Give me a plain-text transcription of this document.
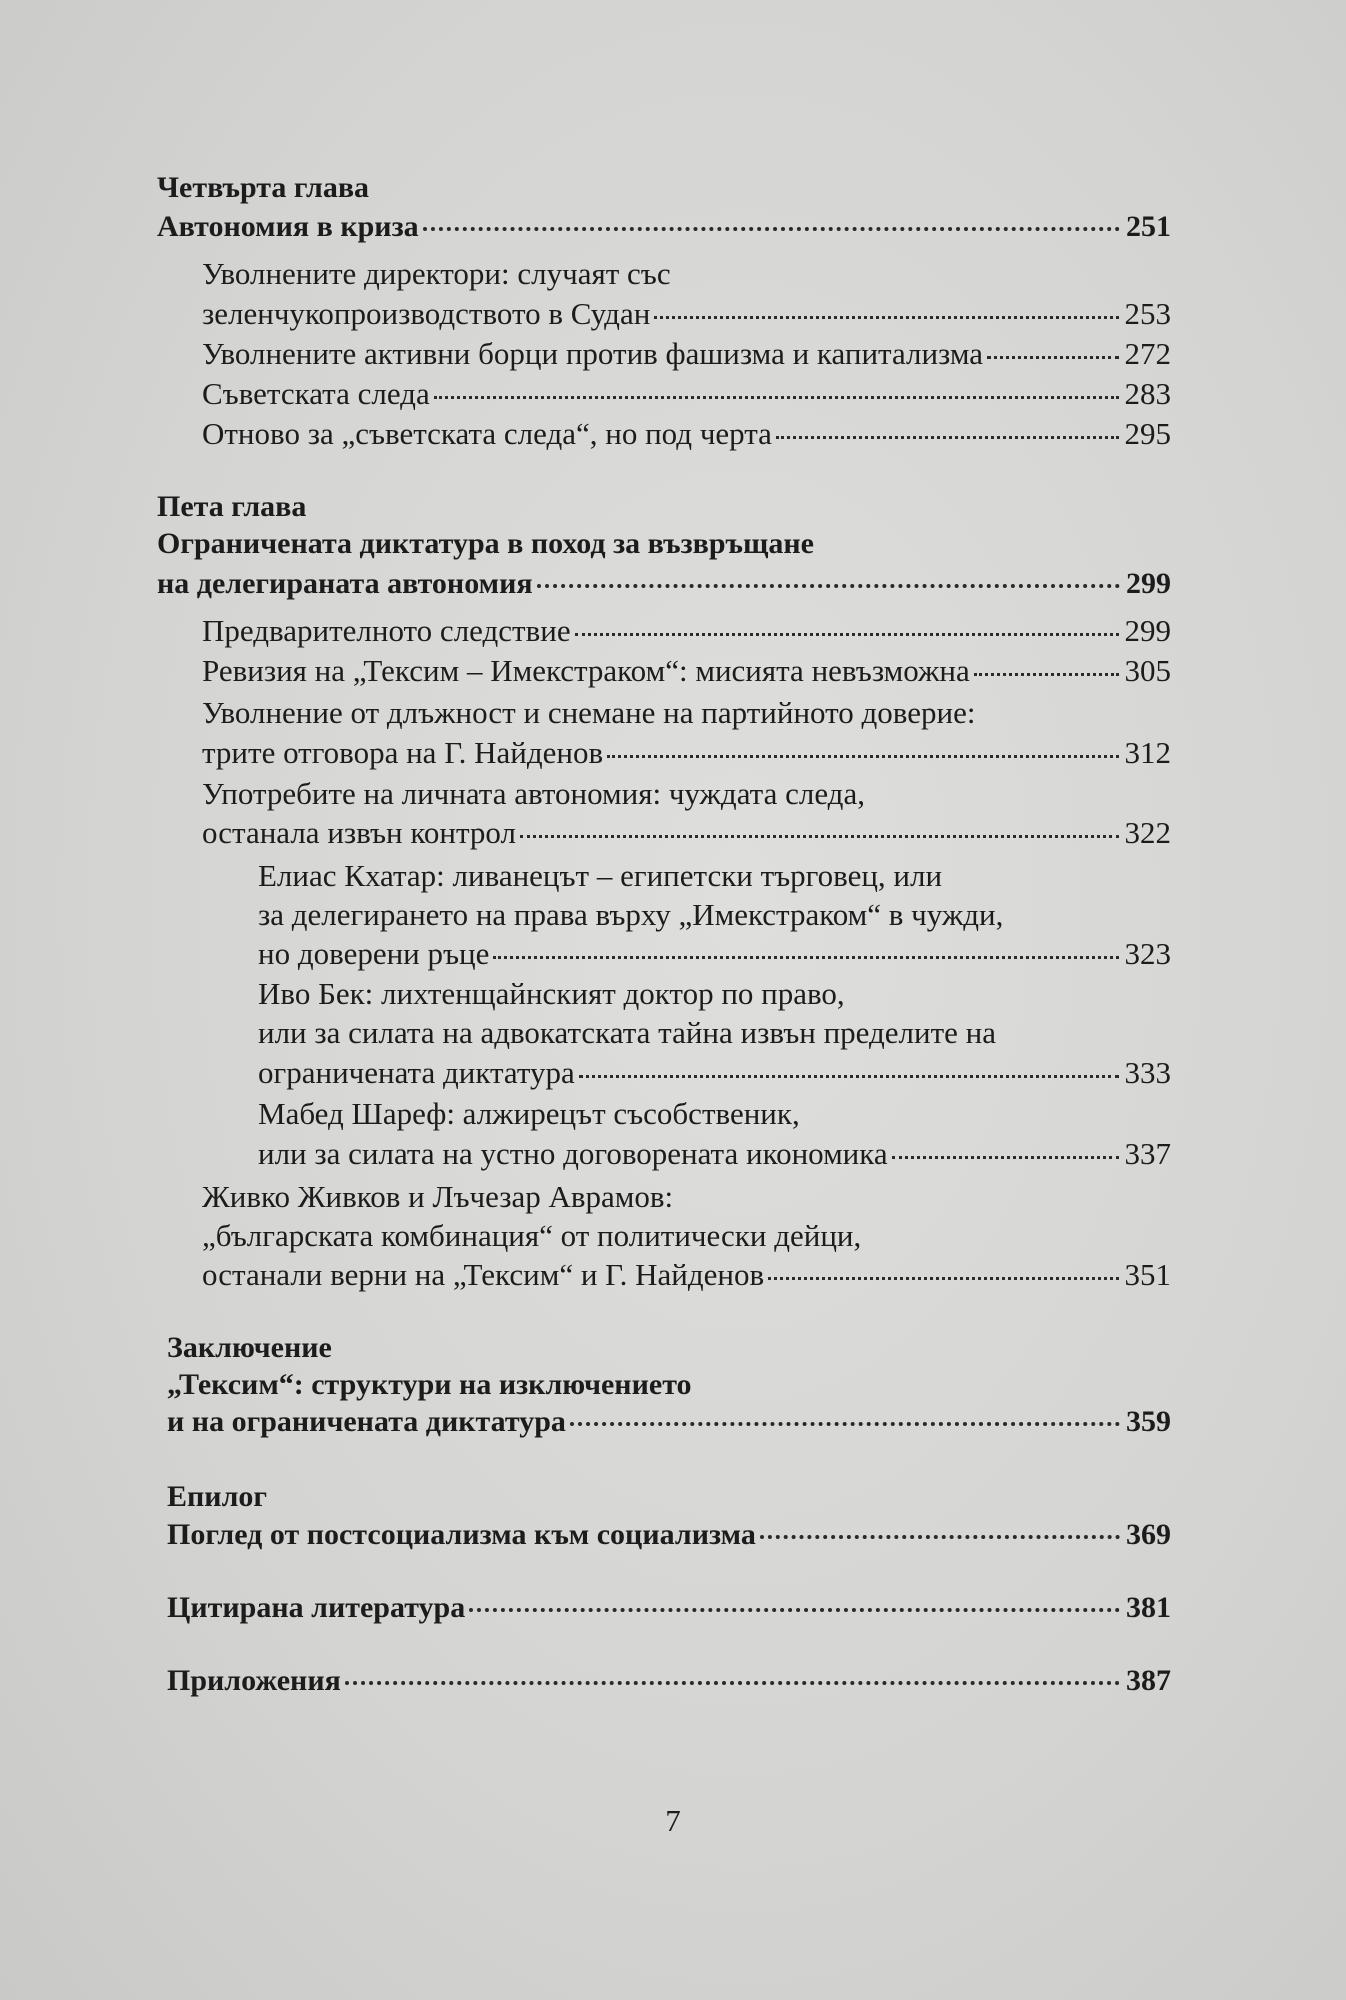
Четвърта глава
Автономия в криза	251
Уволнените директори: случаят със
зеленчукопроизводството в Судан	253
Уволнените активни борци против фашизма и капитализма	272
Съветската следа	283
Отново за „съветската следа“, но под черта	295
Пета глава
Ограничената диктатура в поход за възвръщане
на делегираната автономия	299
Предварителното следствие	299
Ревизия на „Тексим – Имекстраком“: мисията невъзможна	305
Уволнение от длъжност и снемане на партийното доверие:
трите отговора на Г. Найденов	312
Употребите на личната автономия: чуждата следа,
останала извън контрол	322
Елиас Кхатар: ливанецът – египетски търговец, или
за делегирането на права върху „Имекстраком“ в чужди,
но доверени ръце	323
Иво Бек: лихтенщайнският доктор по право,
или за силата на адвокатската тайна извън пределите на
ограничената диктатура	333
Мабед Шареф: алжирецът съсобственик,
или за силата на устно договорената икономика	337
Живко Живков и Лъчезар Аврамов:
„българската комбинация“ от политически дейци,
останали верни на „Тексим“ и Г. Найденов	351
Заключение
„Тексим“: структури на изключението
и на ограничената диктатура	359
Епилог
Поглед от постсоциализма към социализма	369
Цитирана литература	381
Приложения	387
7
